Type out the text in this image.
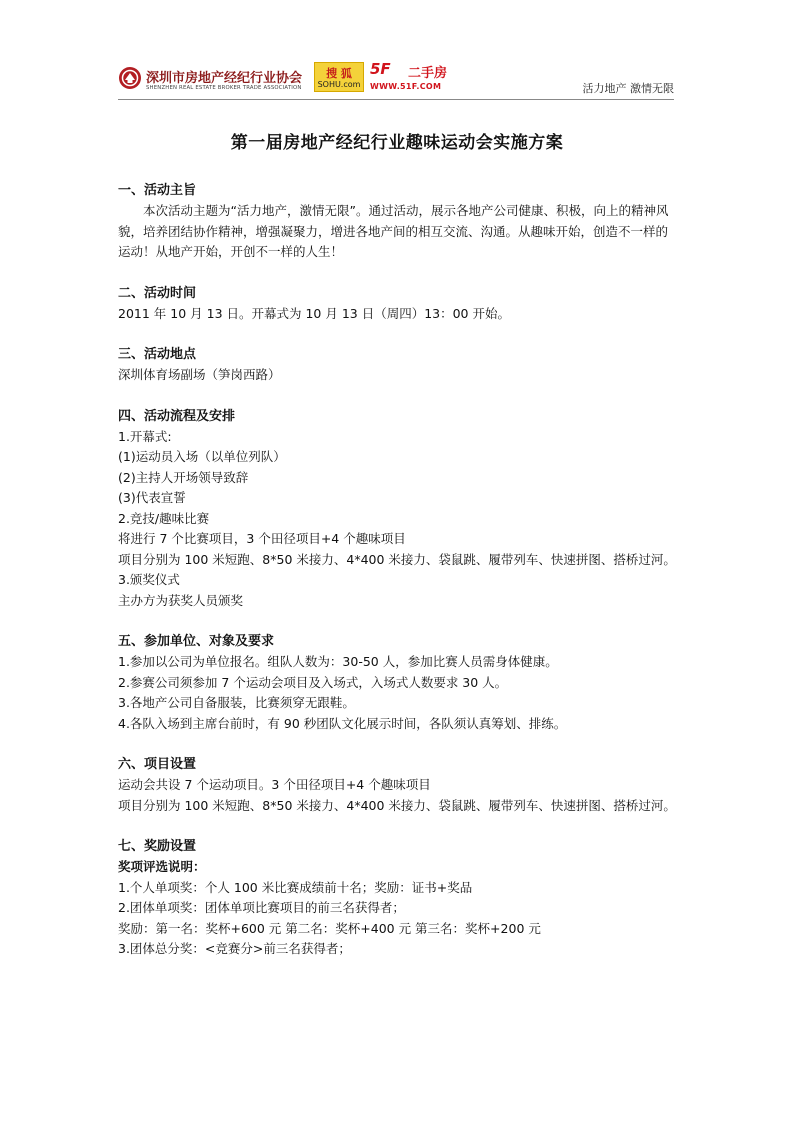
深圳市房地产经纪行业协会
SHENZHEN REAL ESTATE BROKER TRADE ASSOCIATION
搜 狐
SOHU.com
5F 二手房
WWW.51F.COM	活力地产 激情无限
第一届房地产经纪行业趣味运动会实施方案
一、活动主旨

本次活动主题为“活力地产，激情无限”。通过活动，展示各地产公司健康、积极，向上的精神风貌，培养团结协作精神，增强凝聚力，增进各地产间的相互交流、沟通。从趣味开始，创造不一样的运动！从地产开始，开创不一样的人生！

二、活动时间

2011 年 10 月 13 日。开幕式为 10 月 13 日（周四）13：00 开始。

三、活动地点

深圳体育场副场（笋岗西路）

四、活动流程及安排

1.开幕式:

(1)运动员入场（以单位列队）

(2)主持人开场领导致辞

(3)代表宣誓

2.竞技/趣味比赛

将进行 7 个比赛项目，3 个田径项目+4 个趣味项目

项目分别为 100 米短跑、8*50 米接力、4*400 米接力、袋鼠跳、履带列车、快速拼图、搭桥过河。

3.颁奖仪式

主办方为获奖人员颁奖

五、参加单位、对象及要求

1.参加以公司为单位报名。组队人数为：30-50 人，参加比赛人员需身体健康。

2.参赛公司须参加 7 个运动会项目及入场式，入场式人数要求 30 人。

3.各地产公司自备服装，比赛须穿无跟鞋。

4.各队入场到主席台前时，有 90 秒团队文化展示时间，各队须认真筹划、排练。

六、项目设置

运动会共设 7 个运动项目。3 个田径项目+4 个趣味项目

项目分别为 100 米短跑、8*50 米接力、4*400 米接力、袋鼠跳、履带列车、快速拼图、搭桥过河。

七、奖励设置

奖项评选说明：

1.个人单项奖：个人 100 米比赛成绩前十名；奖励：证书+奖品

2.团体单项奖：团体单项比赛项目的前三名获得者；

奖励：第一名：奖杯+600 元 第二名：奖杯+400 元 第三名：奖杯+200 元

3.团体总分奖：<竞赛分>前三名获得者；
